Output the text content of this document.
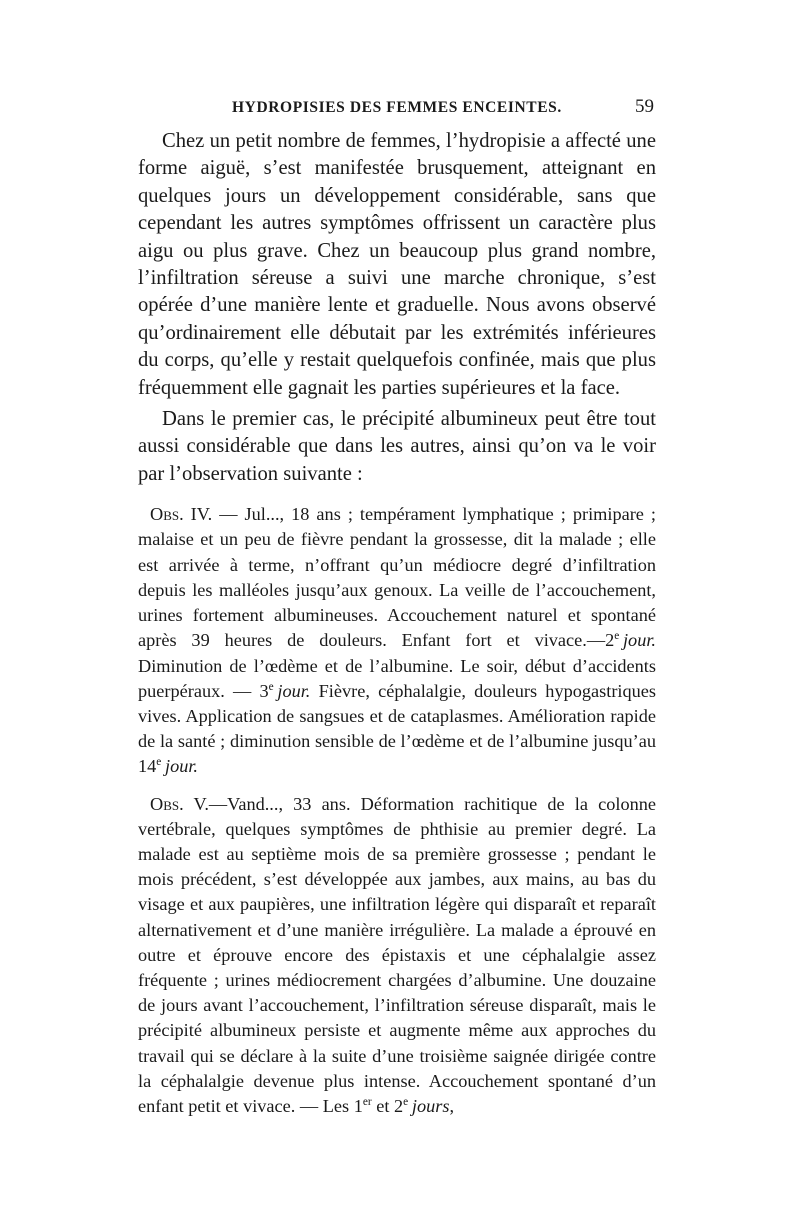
HYDROPISIES DES FEMMES ENCEINTES.	59

Chez un petit nombre de femmes, l’hydropisie a affecté une forme aiguë, s’est manifestée brusquement, atteignant en quelques jours un développement considérable, sans que cependant les autres symptômes offrissent un caractère plus aigu ou plus grave. Chez un beaucoup plus grand nombre, l’infiltration séreuse a suivi une marche chronique, s’est opérée d’une manière lente et graduelle. Nous avons observé qu’ordinairement elle débutait par les extrémités inférieures du corps, qu’elle y restait quelquefois confinée, mais que plus fréquemment elle gagnait les parties supérieures et la face.

Dans le premier cas, le précipité albumineux peut être tout aussi considérable que dans les autres, ainsi qu’on va le voir par l’observation suivante :

Obs. IV. — Jul..., 18 ans ; tempérament lymphatique ; primipare ; malaise et un peu de fièvre pendant la grossesse, dit la malade ; elle est arrivée à terme, n’offrant qu’un médiocre degré d’infiltration depuis les malléoles jusqu’aux genoux. La veille de l’accouchement, urines fortement albumineuses. Accouchement naturel et spontané après 39 heures de douleurs. Enfant fort et vivace.—2e  jour. Diminution de l’œdème et de l’albumine. Le soir, début d’accidents puerpéraux. — 3e  jour. Fièvre, céphalalgie, douleurs hypogastriques vives. Application de sangsues et de cataplasmes. Amélioration rapide de la santé ; diminution sensible de l’œdème et de l’albumine jusqu’au 14e  jour.

Obs. V.—Vand..., 33 ans. Déformation rachitique de la colonne vertébrale, quelques symptômes de phthisie au premier degré. La malade est au septième mois de sa première grossesse ; pendant le mois précédent, s’est développée aux jambes, aux mains, au bas du visage et aux paupières, une infiltration légère qui disparaît et reparaît alternativement et d’une manière irrégulière. La malade a éprouvé en outre et éprouve encore des épistaxis et une céphalalgie assez fréquente ; urines médiocrement chargées d’albumine. Une douzaine de jours avant l’accouchement, l’infiltration séreuse disparaît, mais le précipité albumineux persiste et augmente même aux approches du travail qui se déclare à la suite d’une troisième saignée dirigée contre la céphalalgie devenue plus intense. Accouchement spontané d’un enfant petit et vivace. — Les 1er et 2e  jours,
